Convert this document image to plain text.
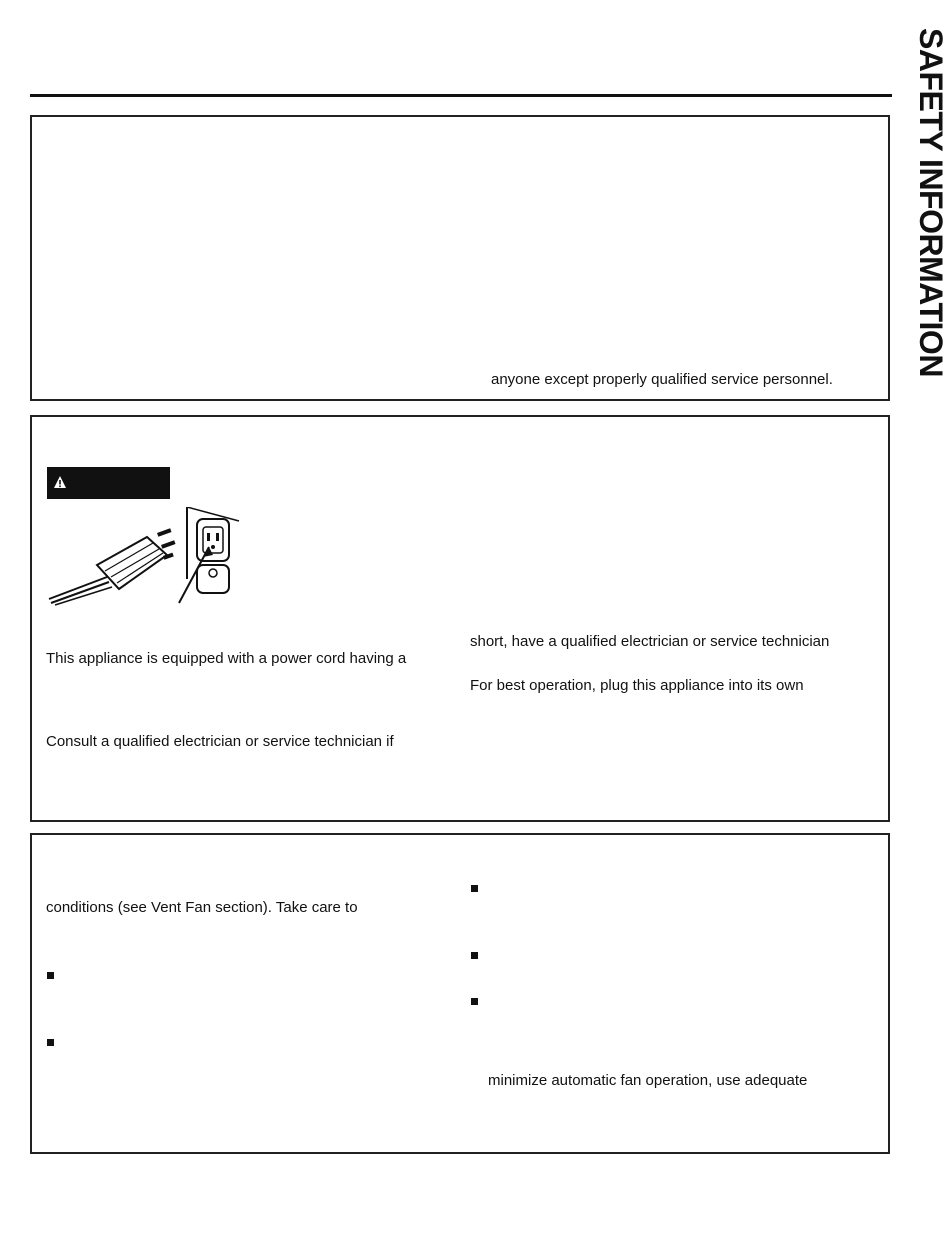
SAFETY INFORMATION
anyone except properly qualified service personnel.
This appliance is equipped with a power cord having a
Consult a qualified electrician or service technician if
short, have a qualified electrician or service technician
For best operation, plug this appliance into its own
conditions (see Vent Fan section). Take care to
minimize automatic fan operation, use adequate
